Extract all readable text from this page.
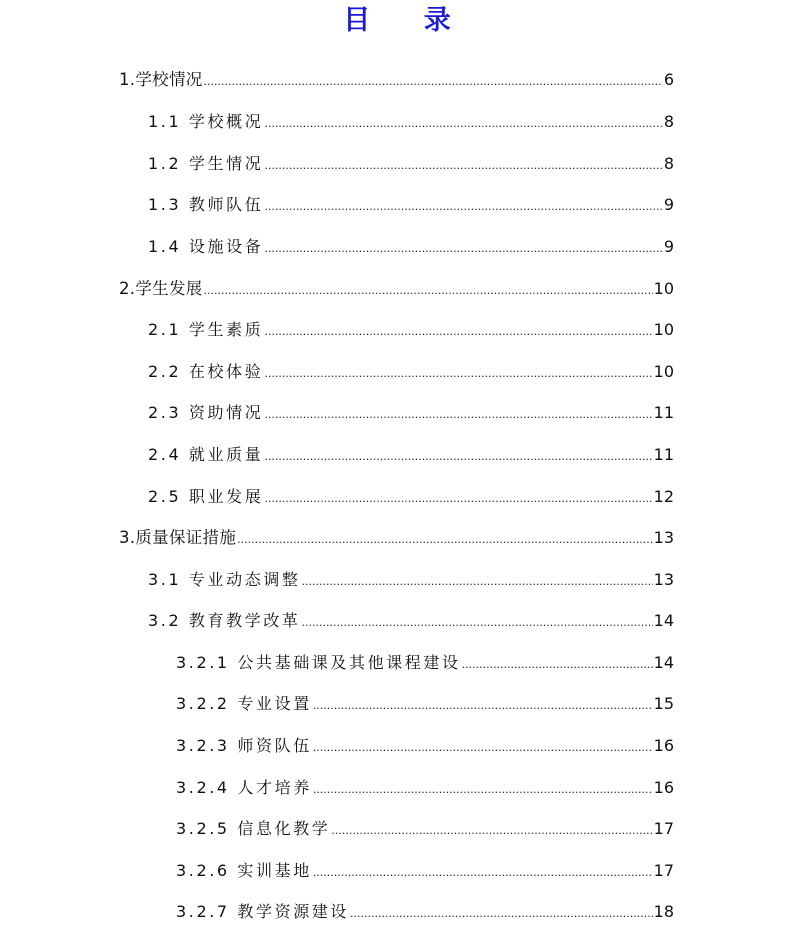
目 录
1.学校情况 .....	6
1.1 学校概况 .....	8
1.2 学生情况 .....	8
1.3 教师队伍 .....	9
1.4 设施设备 .....	9
2.学生发展 .....	10
2.1 学生素质 .....	10
2.2 在校体验 .....	10
2.3 资助情况 .....	11
2.4 就业质量 .....	11
2.5 职业发展 .....	12
3.质量保证措施 .....	13
3.1 专业动态调整 .....	13
3.2 教育教学改革 .....	14
3.2.1 公共基础课及其他课程建设 .....	14
3.2.2 专业设置 .....	15
3.2.3 师资队伍 .....	16
3.2.4 人才培养 .....	16
3.2.5 信息化教学 .....	17
3.2.6 实训基地 .....	17
3.2.7 教学资源建设 .....	18
